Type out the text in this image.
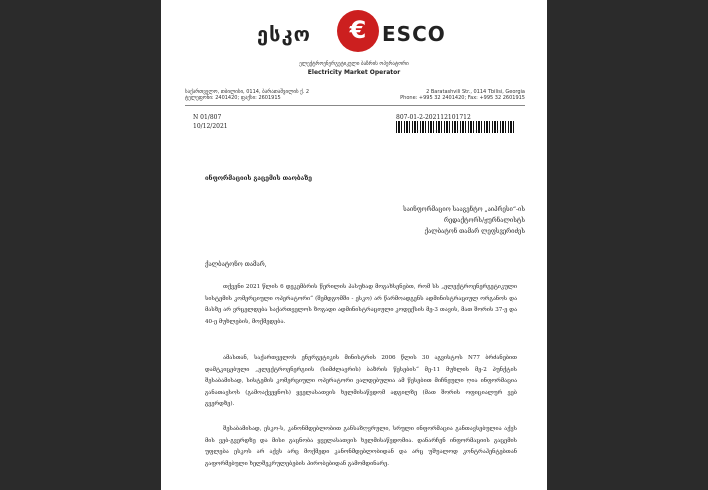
ესკო	€ ESCO
ელექტროენერგეტიკული ბაზრის ოპერატორი
Electricity Market Operator
საქართველო, თბილისი, 0114, ბარათაშვილის ქ. 2
ტელეფონი: 2401420; ფაქსი: 2601915
2 Baratashvili Str., 0114 Tbilisi, Georgia
Phone: +995 32 2401420; Fax: +995 32 2601915
N 01/807
10/12/2021
807-01-2-202112101712
ინფორმაციის გაცემის თაობაზე
საინფორმაციო სააგენტო „აიპრესი“-ის
რედაქტორს/ჟურნალისტს
ქალბატონ თამარ ლეფსვერიძეს
ქალბატონო თამარ,
თქვენი 2021 წლის 6 დეკემბრის წერილის პასუხად მოგახსენებთ, რომ სს „ელექტროენერგეტიკული სისტემის კომერციული ოპერატორი“ (შემდგომში - ესკო) არ წარმოადგენს ადმინისტრაციულ ორგანოს და მასზე არ ვრცელდება საქართველოს ზოგადი ადმინისტრაციული კოდექსის მე-3 თავის, მათ შორის 37-ე და 40-ე მუხლების, მოქმედება.
ამასთან, საქართველოს ენერგეტიკის მინისტრის 2006 წლის 30 აგვისტოს N77 ბრძანებით დამტკიცებული „ელექტროენერგიის (სიმძლავრის) ბაზრის წესების“ მე-11 მუხლის მე-2 პუნქტის შესაბამისად, სისტემის კომერციული ოპერატორი ვალდებულია ამ წესებით მიჩნეული ღია ინფორმაცია განათავსოს (გამოაქვეყნოს) ყველასათვის ხელმისაწვდომ ადგილზე (მათ შორის ოფიციალურ ვებ გვერდზე).
შესაბამისად, ესკო-ს, კანონმდებლობით განსაზღვრული, სრული ინფორმაცია განთავსებულია აქვს მის ვებ-გვერდზე და მისი გაცნობა ყველასათვის ხელმისაწვდომია. დანარჩენ ინფორმაციის გაცემის უფლება ესკოს არ აქვს არც მოქმედი კანონმდებლობიდან და არც უშუალოდ კონტრაჰენტებთან გაფორმებული ხელშეკრულებების პირობებიდან გამომდინარე.
